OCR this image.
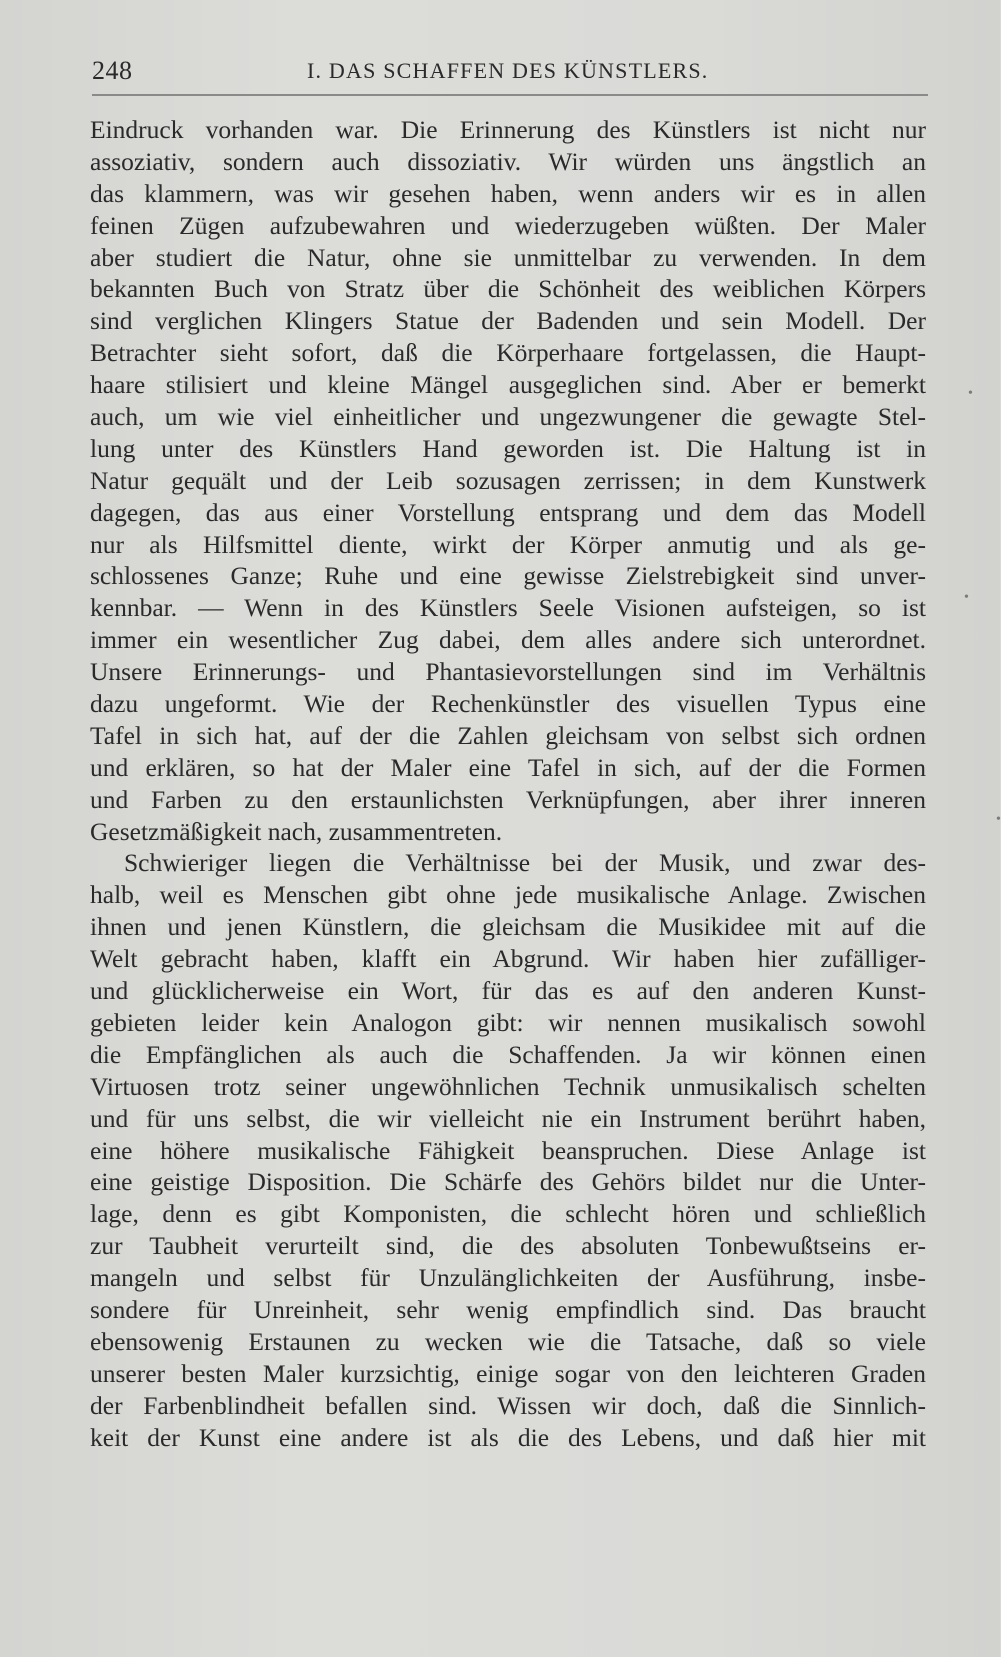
248	I. DAS SCHAFFEN DES KÜNSTLERS.
Eindruck vorhanden war. Die Erinnerung des Künstlers ist nicht nur
assoziativ, sondern auch dissoziativ. Wir würden uns ängstlich an
das klammern, was wir gesehen haben, wenn anders wir es in allen
feinen Zügen aufzubewahren und wiederzugeben wüßten. Der Maler
aber studiert die Natur, ohne sie unmittelbar zu verwenden. In dem
bekannten Buch von Stratz über die Schönheit des weiblichen Körpers
sind verglichen Klingers Statue der Badenden und sein Modell. Der
Betrachter sieht sofort, daß die Körperhaare fortgelassen, die Haupt-
haare stilisiert und kleine Mängel ausgeglichen sind. Aber er bemerkt
auch, um wie viel einheitlicher und ungezwungener die gewagte Stel-
lung unter des Künstlers Hand geworden ist. Die Haltung ist in
Natur gequält und der Leib sozusagen zerrissen; in dem Kunstwerk
dagegen, das aus einer Vorstellung entsprang und dem das Modell
nur als Hilfsmittel diente, wirkt der Körper anmutig und als ge-
schlossenes Ganze; Ruhe und eine gewisse Zielstrebigkeit sind unver-
kennbar. — Wenn in des Künstlers Seele Visionen aufsteigen, so ist
immer ein wesentlicher Zug dabei, dem alles andere sich unterordnet.
Unsere Erinnerungs- und Phantasievorstellungen sind im Verhältnis
dazu ungeformt. Wie der Rechenkünstler des visuellen Typus eine
Tafel in sich hat, auf der die Zahlen gleichsam von selbst sich ordnen
und erklären, so hat der Maler eine Tafel in sich, auf der die Formen
und Farben zu den erstaunlichsten Verknüpfungen, aber ihrer inneren
Gesetzmäßigkeit nach, zusammentreten.
Schwieriger liegen die Verhältnisse bei der Musik, und zwar des-
halb, weil es Menschen gibt ohne jede musikalische Anlage. Zwischen
ihnen und jenen Künstlern, die gleichsam die Musikidee mit auf die
Welt gebracht haben, klafft ein Abgrund. Wir haben hier zufälliger-
und glücklicherweise ein Wort, für das es auf den anderen Kunst-
gebieten leider kein Analogon gibt: wir nennen musikalisch sowohl
die Empfänglichen als auch die Schaffenden. Ja wir können einen
Virtuosen trotz seiner ungewöhnlichen Technik unmusikalisch schelten
und für uns selbst, die wir vielleicht nie ein Instrument berührt haben,
eine höhere musikalische Fähigkeit beanspruchen. Diese Anlage ist
eine geistige Disposition. Die Schärfe des Gehörs bildet nur die Unter-
lage, denn es gibt Komponisten, die schlecht hören und schließlich
zur Taubheit verurteilt sind, die des absoluten Tonbewußtseins er-
mangeln und selbst für Unzulänglichkeiten der Ausführung, insbe-
sondere für Unreinheit, sehr wenig empfindlich sind. Das braucht
ebensowenig Erstaunen zu wecken wie die Tatsache, daß so viele
unserer besten Maler kurzsichtig, einige sogar von den leichteren Graden
der Farbenblindheit befallen sind. Wissen wir doch, daß die Sinnlich-
keit der Kunst eine andere ist als die des Lebens, und daß hier mit
•
•
•
